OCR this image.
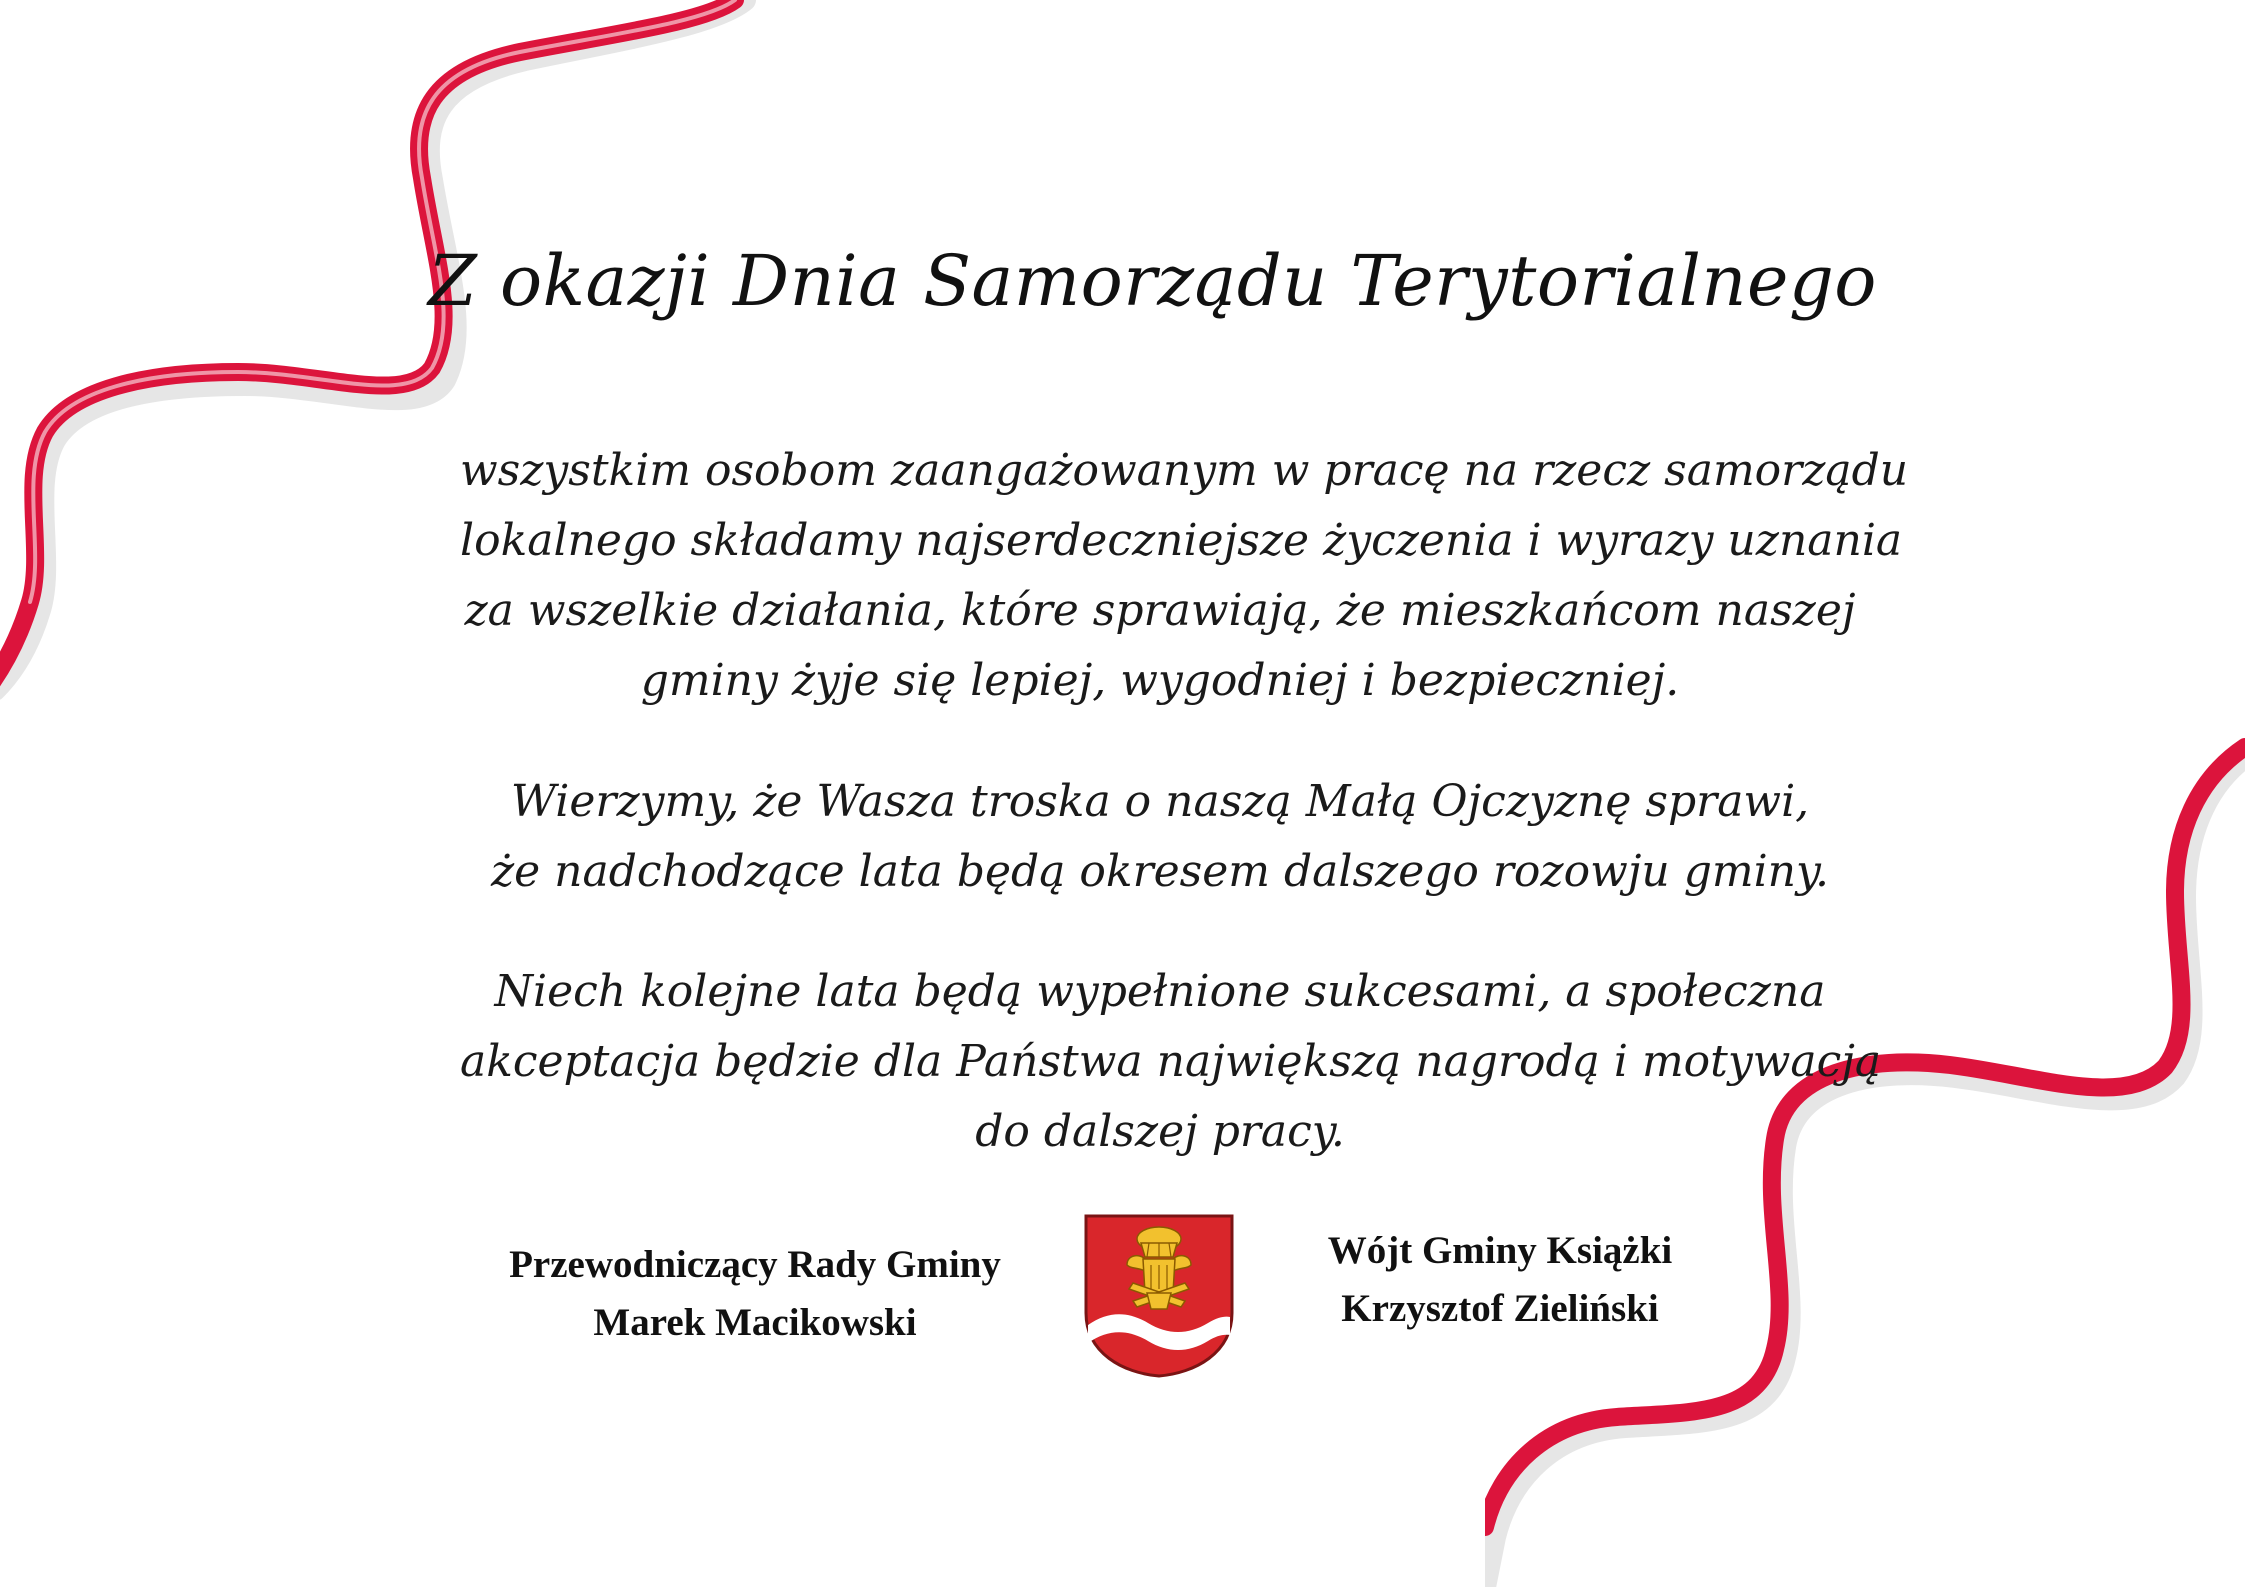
Z okazji Dnia Samorządu Terytorialnego
wszystkim osobom zaangażowanym w pracę na rzecz samorządu
lokalnego składamy najserdeczniejsze życzenia i wyrazy uznania
za wszelkie działania, które sprawiają, że mieszkańcom naszej
gminy żyje się lepiej, wygodniej i bezpieczniej.
Wierzymy, że Wasza troska o naszą Małą Ojczyznę sprawi,
że nadchodzące lata będą okresem dalszego rozowju gminy.
Niech kolejne lata będą wypełnione sukcesami, a społeczna
akceptacja będzie dla Państwa największą nagrodą i motywacją
do dalszej pracy.
Przewodniczący Rady Gminy
Marek Macikowski
Wójt Gminy Książki
Krzysztof Zieliński
